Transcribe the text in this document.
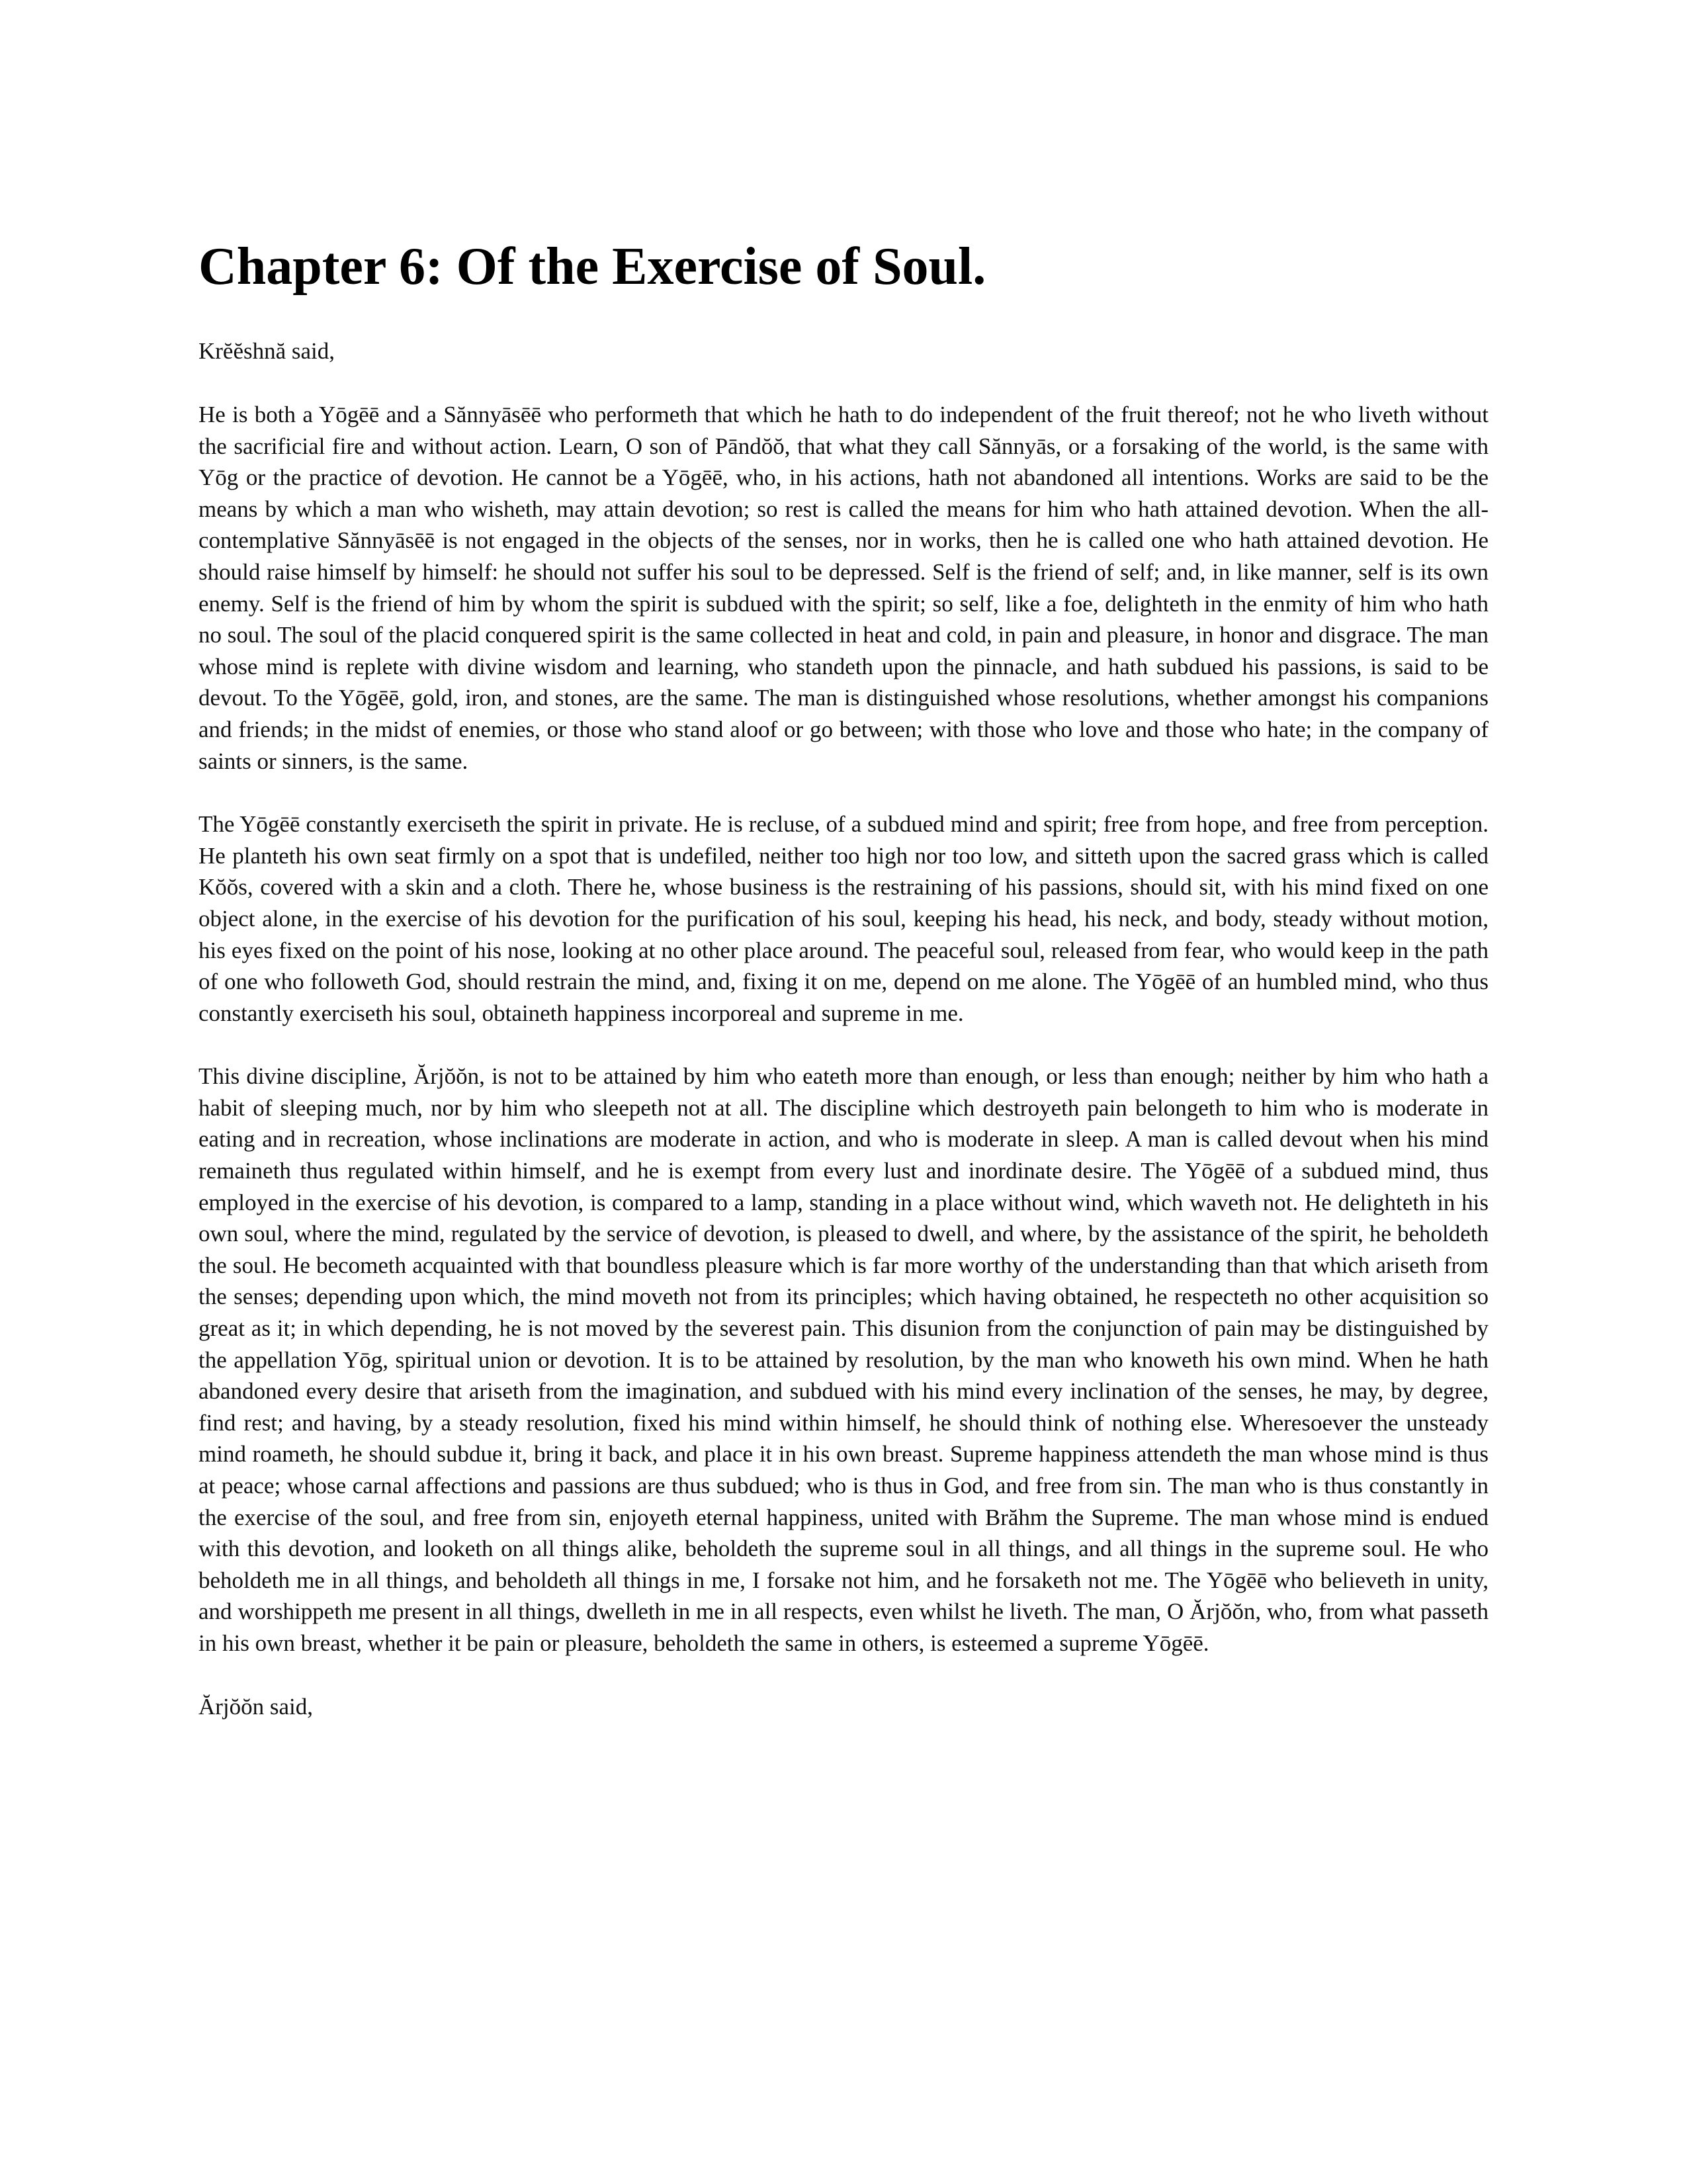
Chapter 6: Of the Exercise of Soul.

Krĕĕshnă said,

He is both a Yōgēē and a Sănnyāsēē who performeth that which he hath to do independent of the fruit thereof; not he who liveth without the sacrificial fire and without action. Learn, O son of Pāndŏŏ, that what they call Sănnyās, or a forsaking of the world, is the same with Yōg or the practice of devotion. He cannot be a Yōgēē, who, in his actions, hath not abandoned all intentions. Works are said to be the means by which a man who wisheth, may attain devotion; so rest is called the means for him who hath attained devotion. When the all-contemplative Sănnyāsēē is not engaged in the objects of the senses, nor in works, then he is called one who hath attained devotion. He should raise himself by himself: he should not suffer his soul to be depressed. Self is the friend of self; and, in like manner, self is its own enemy. Self is the friend of him by whom the spirit is subdued with the spirit; so self, like a foe, delighteth in the enmity of him who hath no soul. The soul of the placid conquered spirit is the same collected in heat and cold, in pain and pleasure, in honor and disgrace. The man whose mind is replete with divine wisdom and learning, who standeth upon the pinnacle, and hath subdued his passions, is said to be devout. To the Yōgēē, gold, iron, and stones, are the same. The man is distinguished whose resolutions, whether amongst his companions and friends; in the midst of enemies, or those who stand aloof or go between; with those who love and those who hate; in the company of saints or sinners, is the same.

The Yōgēē constantly exerciseth the spirit in private. He is recluse, of a subdued mind and spirit; free from hope, and free from perception. He planteth his own seat firmly on a spot that is undefiled, neither too high nor too low, and sitteth upon the sacred grass which is called Kŏŏs, covered with a skin and a cloth. There he, whose business is the restraining of his passions, should sit, with his mind fixed on one object alone, in the exercise of his devotion for the purification of his soul, keeping his head, his neck, and body, steady without motion, his eyes fixed on the point of his nose, looking at no other place around. The peaceful soul, released from fear, who would keep in the path of one who followeth God, should restrain the mind, and, fixing it on me, depend on me alone. The Yōgēē of an humbled mind, who thus constantly exerciseth his soul, obtaineth happiness incorporeal and supreme in me.

This divine discipline, Ărjŏŏn, is not to be attained by him who eateth more than enough, or less than enough; neither by him who hath a habit of sleeping much, nor by him who sleepeth not at all. The discipline which destroyeth pain belongeth to him who is moderate in eating and in recreation, whose inclinations are moderate in action, and who is moderate in sleep. A man is called devout when his mind remaineth thus regulated within himself, and he is exempt from every lust and inordinate desire. The Yōgēē of a subdued mind, thus employed in the exercise of his devotion, is compared to a lamp, standing in a place without wind, which waveth not. He delighteth in his own soul, where the mind, regulated by the service of devotion, is pleased to dwell, and where, by the assistance of the spirit, he beholdeth the soul. He becometh acquainted with that boundless pleasure which is far more worthy of the understanding than that which ariseth from the senses; depending upon which, the mind moveth not from its principles; which having obtained, he respecteth no other acquisition so great as it; in which depending, he is not moved by the severest pain. This disunion from the conjunction of pain may be distinguished by the appellation Yōg, spiritual union or devotion. It is to be attained by resolution, by the man who knoweth his own mind. When he hath abandoned every desire that ariseth from the imagination, and subdued with his mind every inclination of the senses, he may, by degree, find rest; and having, by a steady resolution, fixed his mind within himself, he should think of nothing else. Wheresoever the unsteady mind roameth, he should subdue it, bring it back, and place it in his own breast. Supreme happiness attendeth the man whose mind is thus at peace; whose carnal affections and passions are thus subdued; who is thus in God, and free from sin. The man who is thus constantly in the exercise of the soul, and free from sin, enjoyeth eternal happiness, united with Brăhm the Supreme. The man whose mind is endued with this devotion, and looketh on all things alike, beholdeth the supreme soul in all things, and all things in the supreme soul. He who beholdeth me in all things, and beholdeth all things in me, I forsake not him, and he forsaketh not me. The Yōgēē who believeth in unity, and worshippeth me present in all things, dwelleth in me in all respects, even whilst he liveth. The man, O Ărjŏŏn, who, from what passeth in his own breast, whether it be pain or pleasure, beholdeth the same in others, is esteemed a supreme Yōgēē.

Ărjŏŏn said,
